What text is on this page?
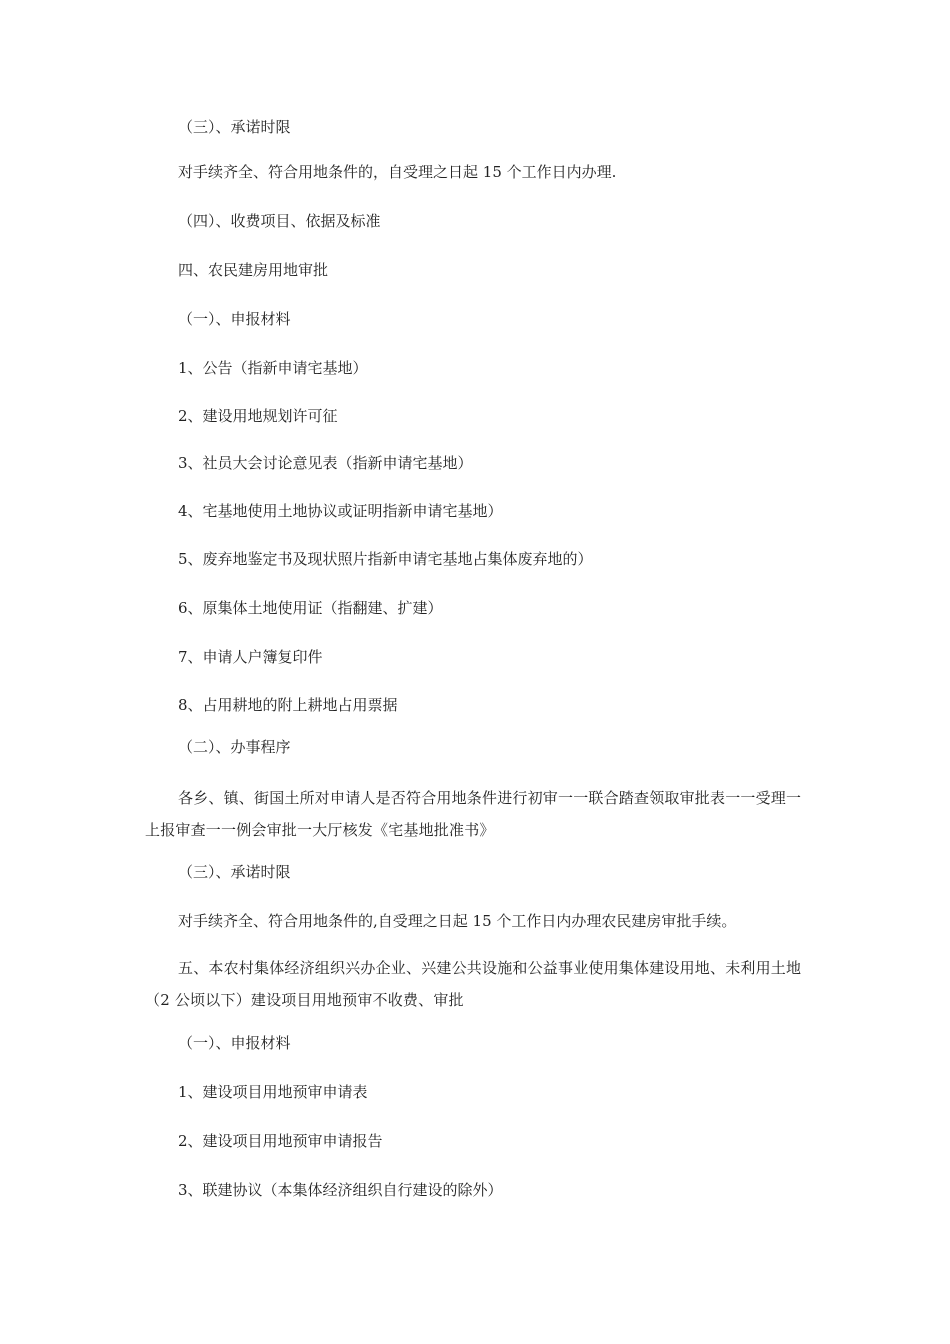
（三）、承诺时限
对手续齐全、符合用地条件的，自受理之日起 15 个工作日内办理.
（四）、收费项目、依据及标准
四、农民建房用地审批
（一）、申报材料
1、公告（指新申请宅基地）
2、建设用地规划许可征
3、社员大会讨论意见表（指新申请宅基地）
4、宅基地使用土地协议或证明指新申请宅基地）
5、废弃地鉴定书及现状照片指新申请宅基地占集体废弃地的）
6、原集体土地使用证（指翻建、扩建）
7、申请人户簿复印件
8、占用耕地的附上耕地占用票据
（二）、办事程序
各乡、镇、街国土所对申请人是否符合用地条件进行初审一一联合踏查领取审批表一一受理一上报审查一一例会审批一大厅核发《宅基地批准书》
（三）、承诺时限
对手续齐全、符合用地条件的,自受理之日起 15 个工作日内办理农民建房审批手续。
五、本农村集体经济组织兴办企业、兴建公共设施和公益事业使用集体建设用地、未利用土地（2 公顷以下）建设项目用地预审不收费、审批
（一）、申报材料
1、建设项目用地预审申请表
2、建设项目用地预审申请报告
3、联建协议（本集体经济组织自行建设的除外）
